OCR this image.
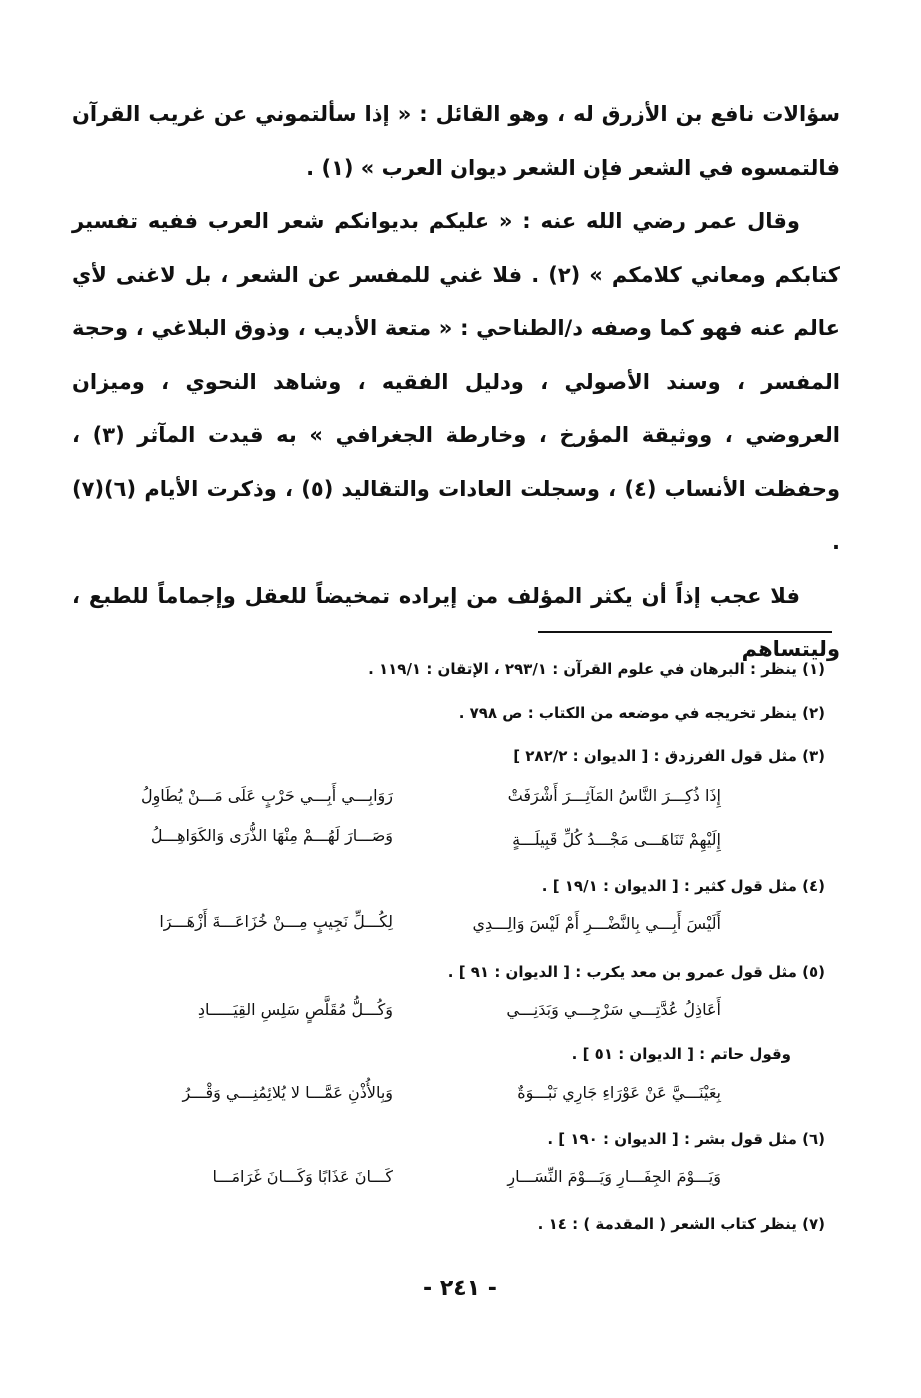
سؤالات نافع بن الأزرق له ، وهو القائل : « إذا سألتموني عن غريب القرآن فالتمسوه في الشعر فإن الشعر ديوان العرب » (١) .

وقال عمر رضي الله عنه : « عليكم بديوانكم شعر العرب ففيه تفسير كتابكم ومعاني كلامكم » (٢) . فلا غني للمفسر عن الشعر ، بل لاغنى لأي عالم عنه فهو كما وصفه د/الطناحي : « متعة الأديب ، وذوق البلاغي ، وحجة المفسر ، وسند الأصولي ، ودليل الفقيه ، وشاهد النحوي ، وميزان العروضي ، ووثيقة المؤرخ ، وخارطة الجغرافي » به قيدت المآثر (٣) ، وحفظت الأنساب (٤) ، وسجلت العادات والتقاليد (٥) ، وذكرت الأيام (٦)(٧) .

فلا عجب إذاً أن يكثر المؤلف من إيراده تمخيضاً للعقل وإجماماً للطبع ، وليتساهم

(١) ينظر : البرهان في علوم القرآن : ٢٩٣/١ ، الإتقان : ١١٩/١ .
(٢) ينظر تخريجه في موضعه من الكتاب : ص ٧٩٨ .
(٣) مثل قول الفرزدق : [ الديوان : ٢٨٢/٢ ]
إِذَا ذُكِـــرَ النَّاسُ المَآثِـــرَ أَشْرَفَتْ
رَوَابِـــي أَبِـــي حَرْبٍ عَلَى مَـــنْ يُطَاوِلُ
إِلَيْهِمْ تَنَاهَـــى مَجْـــدُ كُلِّ قَبِيلَـــةٍ
وَصَـــارَ لَهُـــمْ مِنْهَا الذُّرَى وَالكَوَاهِـــلُ
(٤) مثل قول كثير : [ الديوان : ١٩/١ ] .
أَلَيْسَ أَبِـــي بِالنَّضْـــرِ أَمْ لَيْسَ وَالِـــدِي
لِكُـــلِّ نَجِيبٍ مِـــنْ خُزَاعَـــةَ أَزْهَـــرَا
(٥) مثل قول عمرو بن معد يكرب : [ الديوان : ٩١ ] .
أَعَاذِلُ عُدَّتِـــي سَرْجِـــي وَبَدَنِـــي
وَكُـــلُّ مُقَلَّصٍ سَلِسِ القِيَـــــادِ
وقول حاتم : [ الديوان : ٥١ ] .
بِعَيْنَـــيَّ عَنْ عَوْرَاءِ جَارِي نَبْـــوَةٌ
وَبِالأُذْنِ عَمَّـــا لا يُلائِمُنِـــي وَقْـــرُ
(٦) مثل قول بشر : [ الديوان : ١٩٠ ] .
وَيَـــوْمَ الجِفَـــارِ وَيَـــوْمَ النِّسَـــارِ
كَـــانَ عَذَابًا وَكَـــانَ غَرَامَـــا
(٧) ينظر كتاب الشعر ( المقدمة ) : ١٤ .
- ٢٤١ -
